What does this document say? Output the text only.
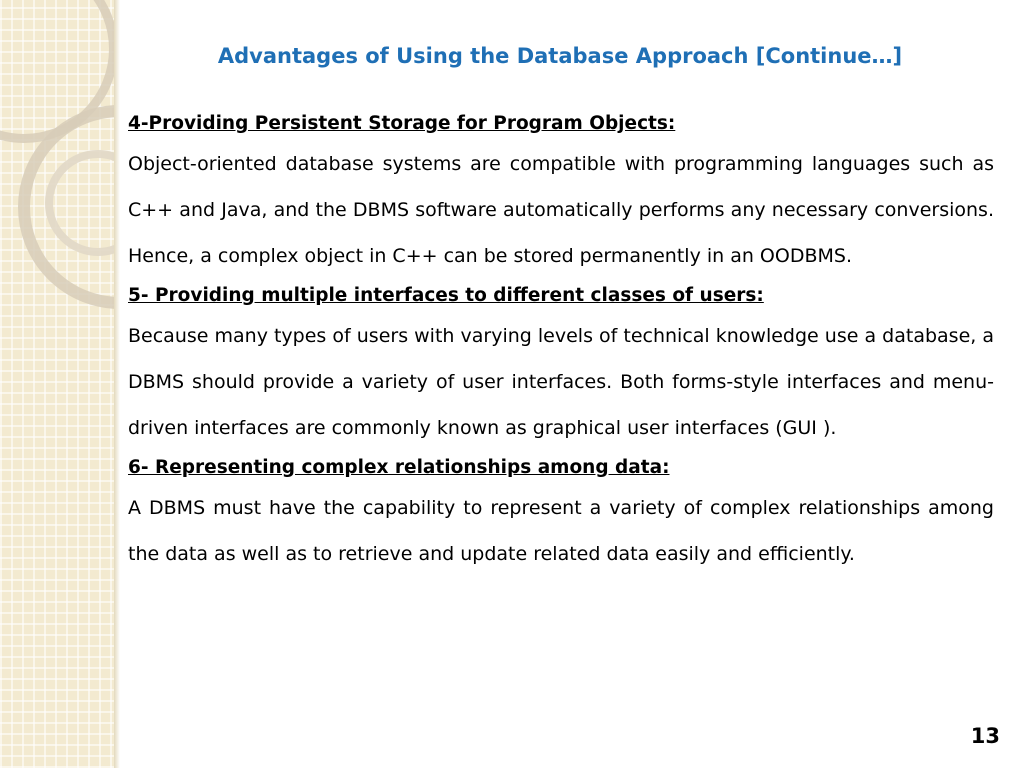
Advantages of Using the Database Approach [Continue…]

4-Providing Persistent Storage for Program Objects:

Object-oriented database systems are compatible with programming languages such as C++ and Java, and the DBMS software automatically performs any necessary conversions. Hence, a complex object in C++ can be stored permanently in an OODBMS.

5- Providing multiple interfaces to different classes of users:

Because many types of users with varying levels of technical knowledge use a database, a DBMS should provide a variety of user interfaces. Both forms-style interfaces and menu-driven interfaces are commonly known as graphical user interfaces (GUI ).

6- Representing complex relationships among data:

A DBMS must have the capability to represent a variety of complex relationships among the data as well as to retrieve and update related data easily and efficiently.

13
